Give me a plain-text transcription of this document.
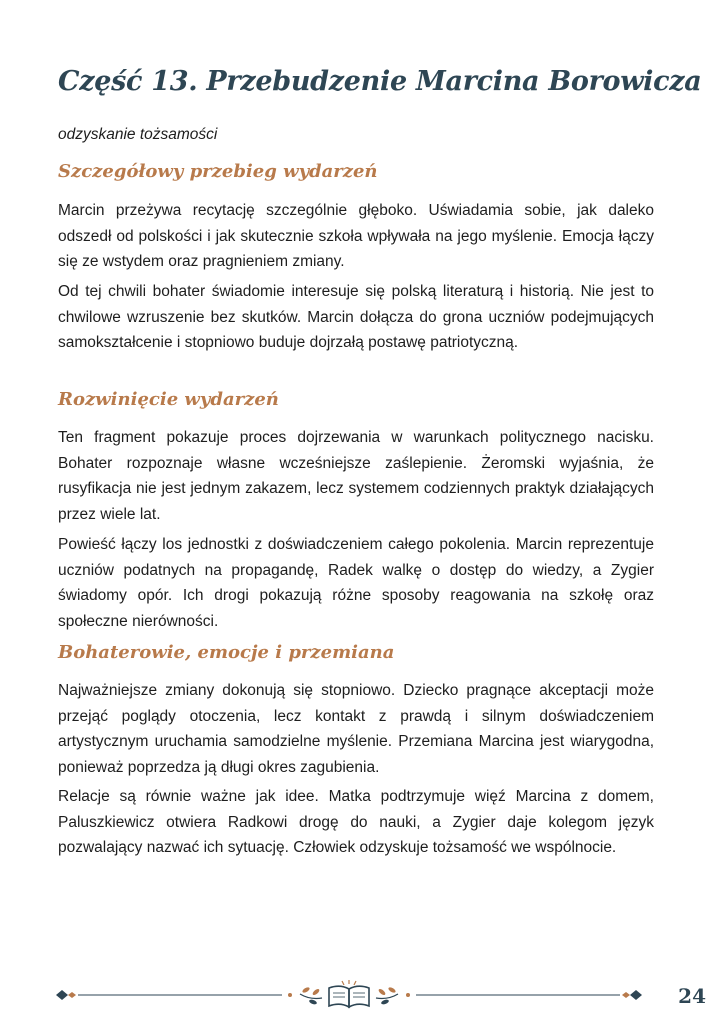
Część 13. Przebudzenie Marcina Borowicza
odzyskanie tożsamości
Szczegółowy przebieg wydarzeń

Marcin przeżywa recytację szczególnie głęboko. Uświadamia sobie, jak daleko odszedł od polskości i jak skutecznie szkoła wpływała na jego myślenie. Emocja łączy się ze wstydem oraz pragnieniem zmiany.

Od tej chwili bohater świadomie interesuje się polską literaturą i historią. Nie jest to chwilowe wzruszenie bez skutków. Marcin dołącza do grona uczniów podejmujących samokształcenie i stopniowo buduje dojrzałą postawę patriotyczną.

Rozwinięcie wydarzeń

Ten fragment pokazuje proces dojrzewania w warunkach politycznego nacisku. Bohater rozpoznaje własne wcześniejsze zaślepienie. Żeromski wyjaśnia, że rusyfikacja nie jest jednym zakazem, lecz systemem codziennych praktyk działających przez wiele lat.

Powieść łączy los jednostki z doświadczeniem całego pokolenia. Marcin reprezentuje uczniów podatnych na propagandę, Radek walkę o dostęp do wiedzy, a Zygier świadomy opór. Ich drogi pokazują różne sposoby reagowania na szkołę oraz społeczne nierówności.

Bohaterowie, emocje i przemiana

Najważniejsze zmiany dokonują się stopniowo. Dziecko pragnące akceptacji może przejąć poglądy otoczenia, lecz kontakt z prawdą i silnym doświadczeniem artystycznym uruchamia samodzielne myślenie. Przemiana Marcina jest wiarygodna, ponieważ poprzedza ją długi okres zagubienia.

Relacje są równie ważne jak idee. Matka podtrzymuje więź Marcina z domem, Paluszkiewicz otwiera Radkowi drogę do nauki, a Zygier daje kolegom język pozwalający nazwać ich sytuację. Człowiek odzyskuje tożsamość we wspólnocie.

24
